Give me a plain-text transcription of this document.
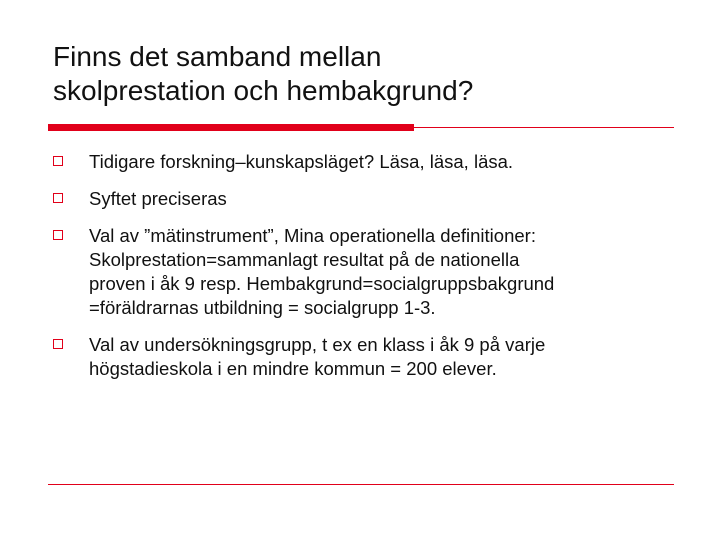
Finns det samband mellan
skolprestation och hembakgrund?
Tidigare forskning–kunskapsläget? Läsa, läsa, läsa.
Syftet preciseras
Val av ”mätinstrument”, Mina operationella definitioner:
Skolprestation=sammanlagt resultat på de nationella
proven i åk 9 resp. Hembakgrund=socialgruppsbakgrund
=föräldrarnas utbildning = socialgrupp 1-3.
Val av undersökningsgrupp, t ex en klass i åk 9 på varje
högstadieskola i en mindre kommun = 200 elever.
